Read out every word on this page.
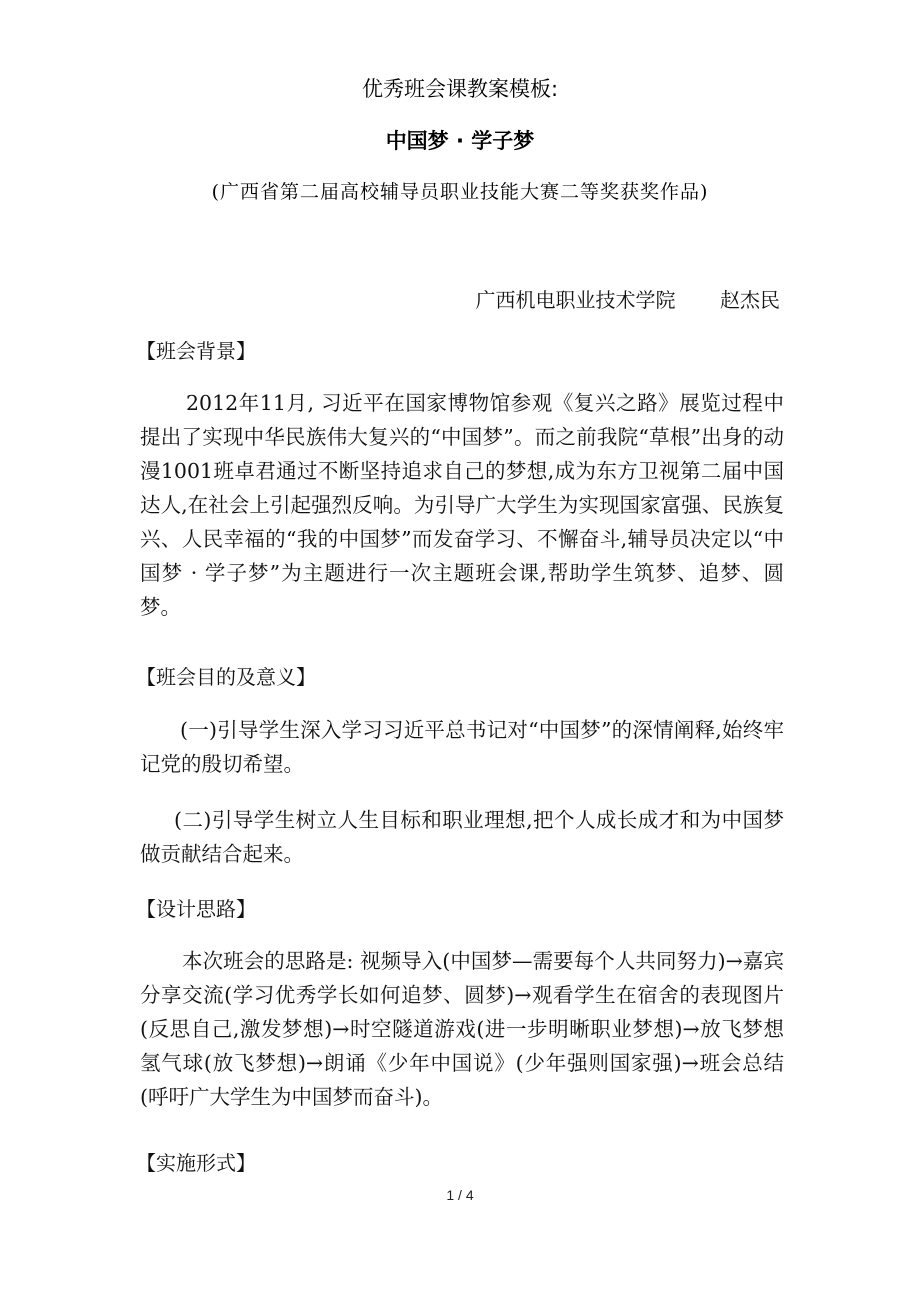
优秀班会课教案模板:
中国梦 · 学子梦
(广西省第二届高校辅导员职业技能大赛二等奖获奖作品)
广西机电职业技术学院       赵杰民
【班会背景】
2012年11月, 习近平在国家博物馆参观《复兴之路》展览过程中提出了实现中华民族伟大复兴的“中国梦”。而之前我院“草根”出身的动漫1001班卓君通过不断坚持追求自己的梦想,成为东方卫视第二届中国达人,在社会上引起强烈反响。为引导广大学生为实现国家富强、民族复兴、人民幸福的“我的中国梦”而发奋学习、不懈奋斗,辅导员决定以“中国梦 · 学子梦”为主题进行一次主题班会课,帮助学生筑梦、追梦、圆梦。
【班会目的及意义】
(一)引导学生深入学习习近平总书记对“中国梦”的深情阐释,始终牢记党的殷切希望。
(二)引导学生树立人生目标和职业理想,把个人成长成才和为中国梦做贡献结合起来。
【设计思路】
本次班会的思路是: 视频导入(中国梦—需要每个人共同努力)→嘉宾分享交流(学习优秀学长如何追梦、圆梦)→观看学生在宿舍的表现图片(反思自己,激发梦想)→时空隧道游戏(进一步明晰职业梦想)→放飞梦想氢气球(放飞梦想)→朗诵《少年中国说》(少年强则国家强)→班会总结(呼吁广大学生为中国梦而奋斗)。
【实施形式】
1 / 4
